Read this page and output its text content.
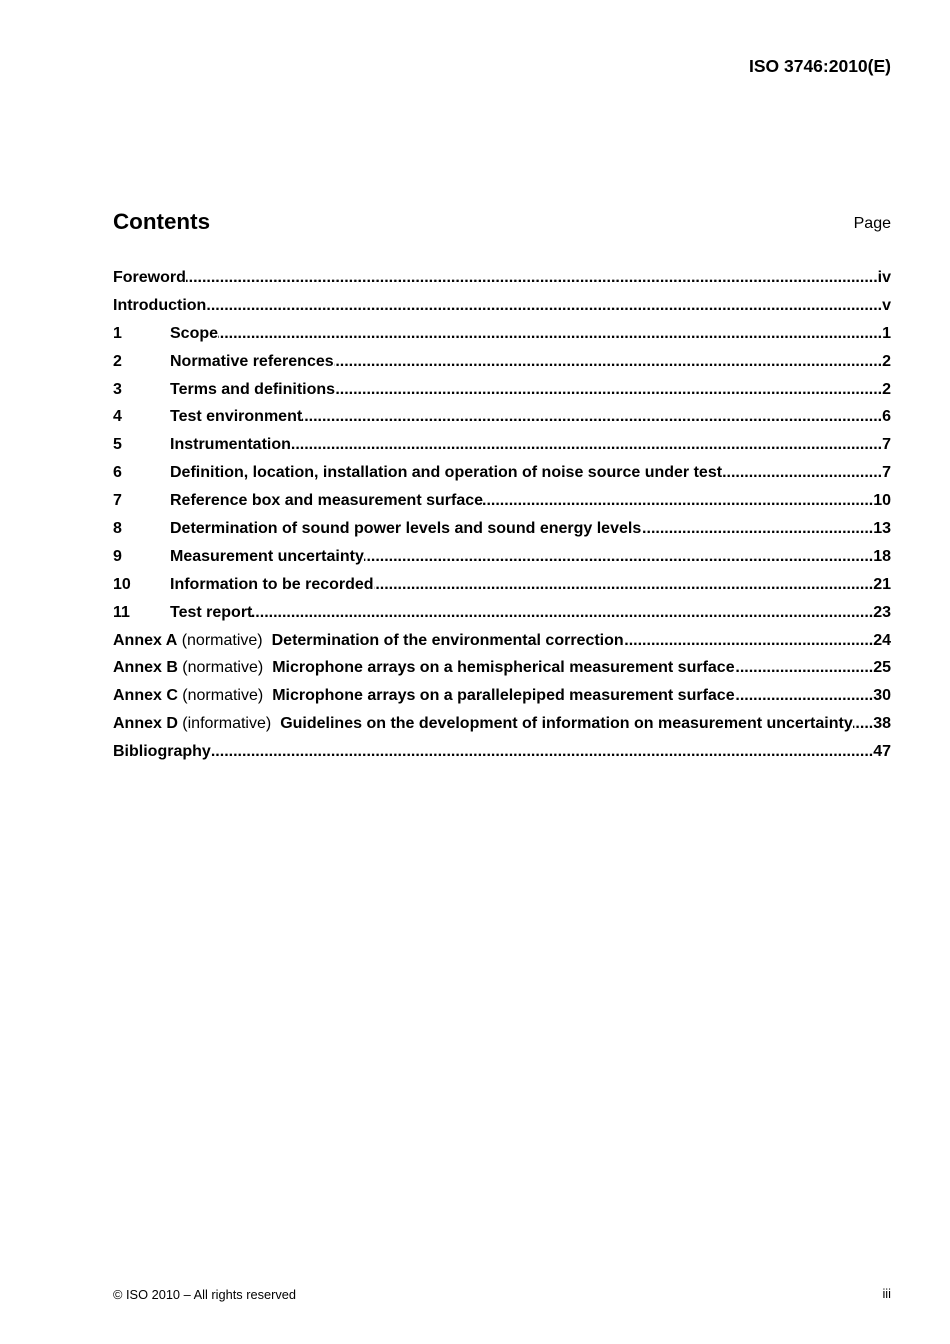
ISO 3746:2010(E)
Contents	Page
Foreword .....	iv
Introduction .....	v
1	Scope .....	1
2	Normative references .....	2
3	Terms and definitions .....	2
4	Test environment .....	6
5	Instrumentation .....	7
6	Definition, location, installation and operation of noise source under test .....	7
7	Reference box and measurement surface .....	10
8	Determination of sound power levels and sound energy levels .....	13
9	Measurement uncertainty .....	18
10	Information to be recorded .....	21
11	Test report .....	23
Annex A (normative) Determination of the environmental correction .....	24
Annex B (normative) Microphone arrays on a hemispherical measurement surface .....	25
Annex C (normative) Microphone arrays on a parallelepiped measurement surface .....	30
Annex D (informative) Guidelines on the development of information on measurement uncertainty ..... 38
Bibliography .....	47
© ISO 2010 – All rights reserved	iii
